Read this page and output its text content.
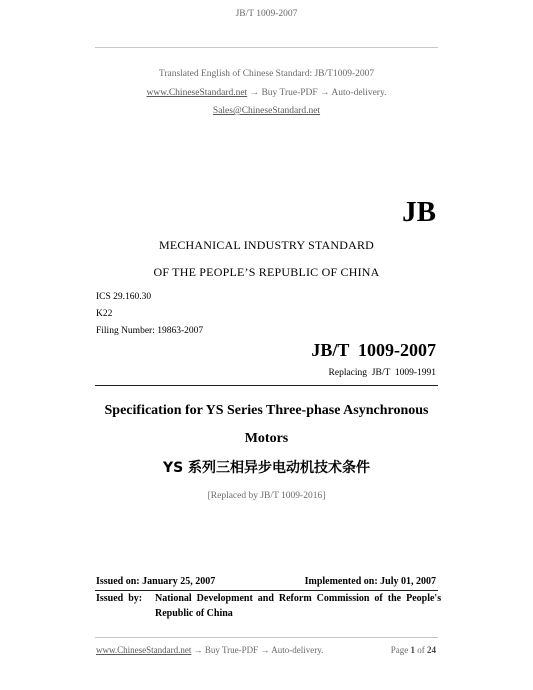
JB/T 1009-2007
Translated English of Chinese Standard: JB/T1009-2007
www.ChineseStandard.net → Buy True-PDF → Auto-delivery.
Sales@ChineseStandard.net
JB
MECHANICAL INDUSTRY STANDARD
OF THE PEOPLE’S REPUBLIC OF CHINA
ICS 29.160.30
K22
Filing Number: 19863-2007
JB/T  1009-2007
Replacing  JB/T  1009-1991
Specification for YS Series Three-phase Asynchronous
Motors
YS 系列三相异步电动机技术条件
[Replaced by JB/T 1009-2016]
Issued on: January 25, 2007	Implemented on: July 01, 2007
Issued  by: National  Development  and  Reform  Commission  of  the  People's
Republic of China
www.ChineseStandard.net → Buy True-PDF → Auto-delivery.	Page 1 of 24
